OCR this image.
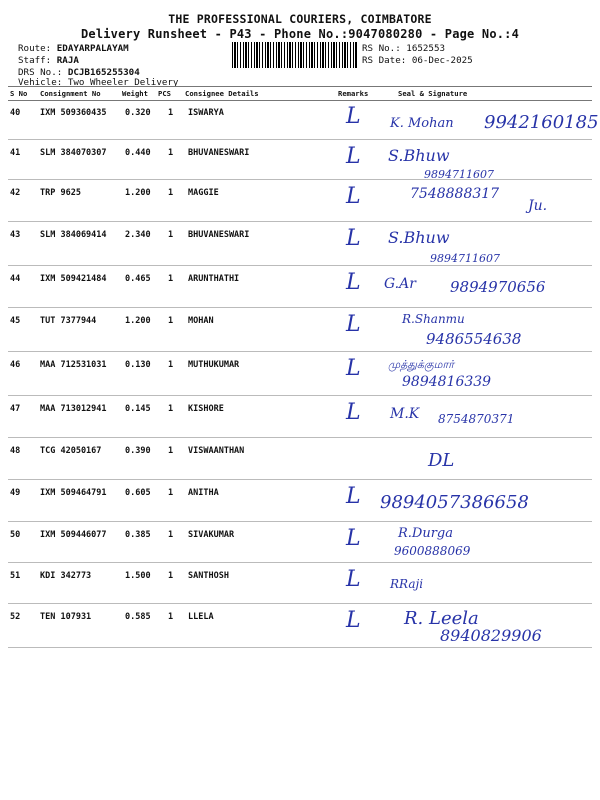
THE PROFESSIONAL COURIERS, COIMBATORE
Delivery Runsheet - P43 - Phone No.:9047080280 - Page No.:4
Route: EDAYARPALAYAM
Staff: RAJA
DRS No.: DCJB165255304
Vehicle: Two Wheeler Delivery
RS No.: 1652553
RS Date: 06-Dec-2025
S No Consignment No	Weight PCS Consignee Details	Remarks	Seal & Signature
40 IXM 509360435 0.320 1 ISWARYA	L K. Mohan 9942160185
41 SLM 384070307 0.440 1 BHUVANESWARI	L S.Bhuw
9894711607
42 TRP 9625	1.200 1 MAGGIE	L	7548888317
Ju.
43 SLM 384069414 2.340 1 BHUVANESWARI	L S.Bhuw
9894711607
44 IXM 509421484 0.465 1 ARUNTHATHI	L G.Ar 9894970656
45 TUT 7377944	1.200 1 MOHAN	L	R.Shanmu
9486554638
46 MAA 712531031 0.130 1 MUTHUKUMAR	L முத்துக்குமார்
9894816339
47 MAA 713012941 0.145 1 KISHORE	L M.K 8754870371
48 TCG 42050167	0.390 1 VISWAANTHAN	DL
49 IXM 509464791 0.605 1 ANITHA	L 9894057386658
50 IXM 509446077 0.385 1 SIVAKUMAR	L	R.Durga
9600888069
51 KDI 342773	1.500 1 SANTHOSH	L RRaji
52 TEN 107931	0.585 1 LLELA	L R. Leela
8940829906
